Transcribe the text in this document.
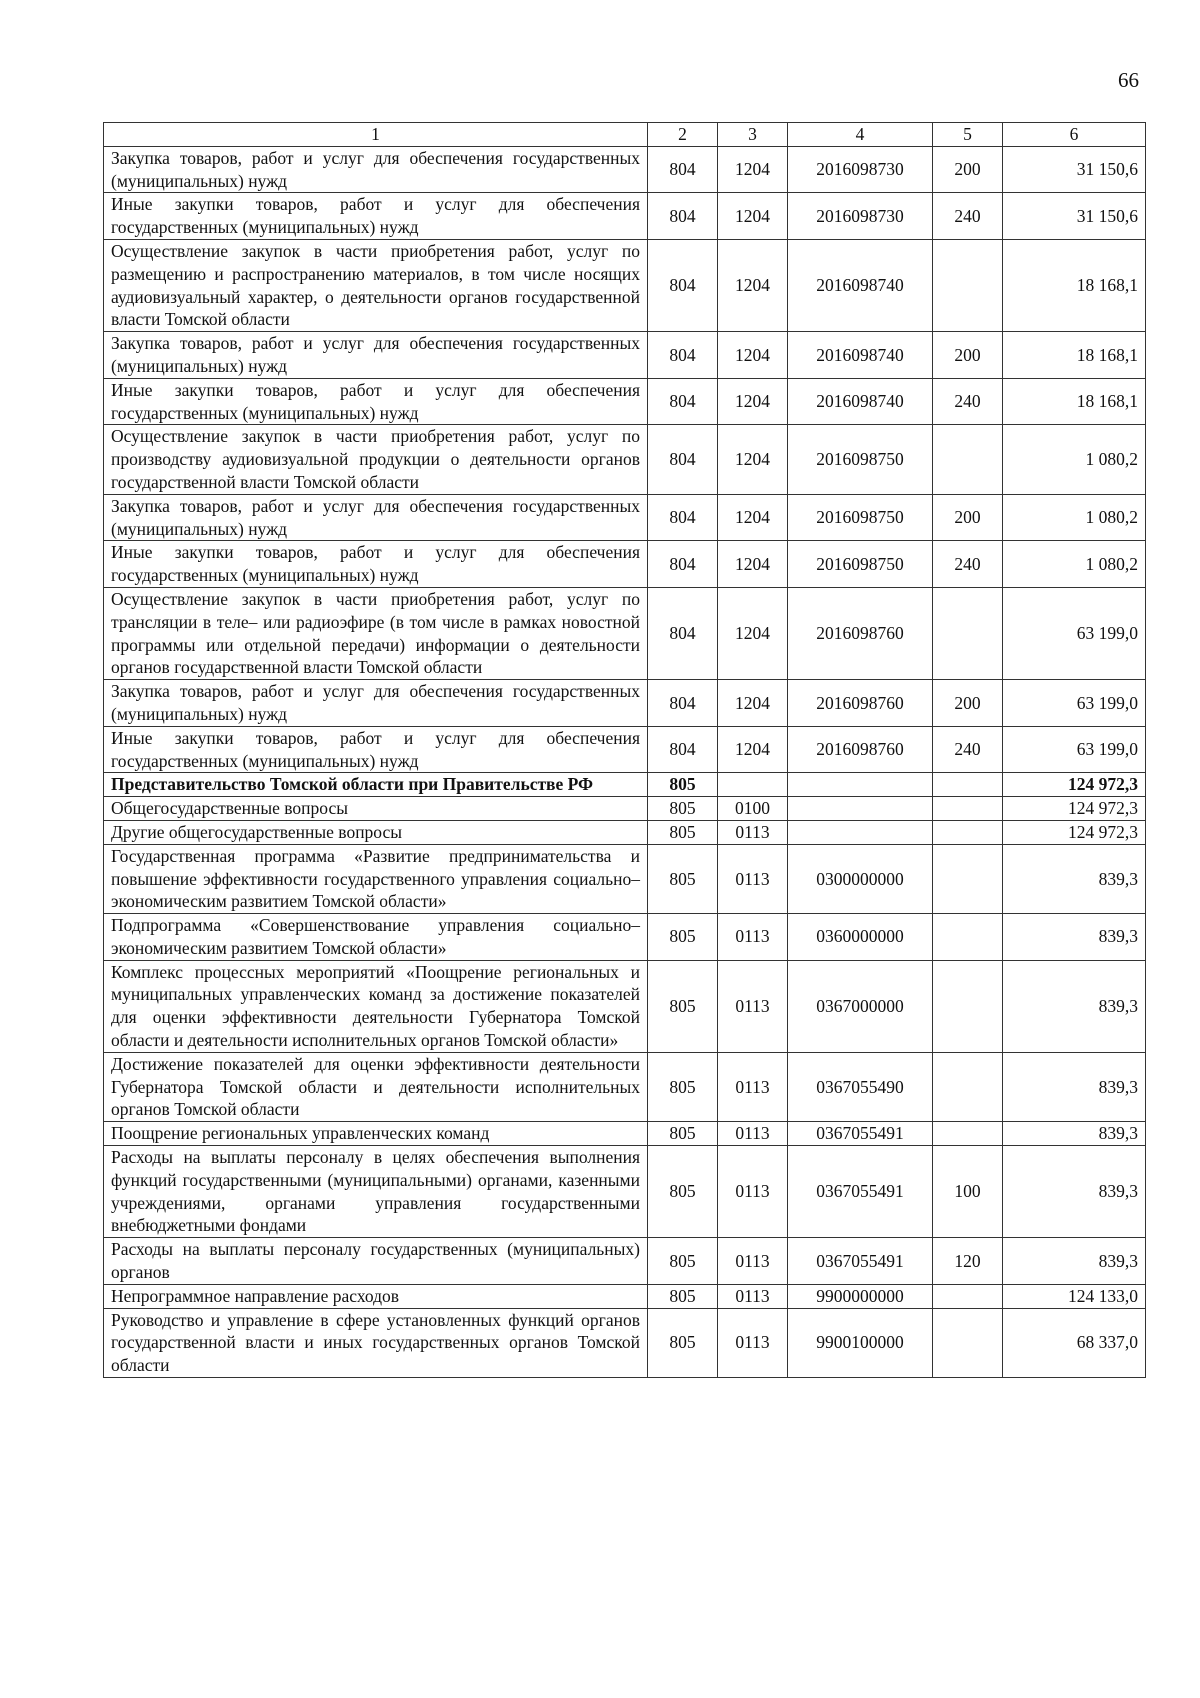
66
1	2	3	4	5	6
Закупка товаров, работ и услуг для обеспечения государственных (муниципальных) нужд	804	1204	2016098730	200	31 150,6
Иные закупки товаров, работ и услуг для обеспечения государственных (муниципальных) нужд	804	1204	2016098730	240	31 150,6
Осуществление закупок в части приобретения работ, услуг по размещению и распространению материалов, в том числе носящих аудиовизуальный характер, о деятельности органов государственной власти Томской области	804	1204	2016098740		18 168,1
Закупка товаров, работ и услуг для обеспечения государственных (муниципальных) нужд	804	1204	2016098740	200	18 168,1
Иные закупки товаров, работ и услуг для обеспечения государственных (муниципальных) нужд	804	1204	2016098740	240	18 168,1
Осуществление закупок в части приобретения работ, услуг по производству аудиовизуальной продукции о деятельности органов государственной власти Томской области	804	1204	2016098750		1 080,2
Закупка товаров, работ и услуг для обеспечения государственных (муниципальных) нужд	804	1204	2016098750	200	1 080,2
Иные закупки товаров, работ и услуг для обеспечения государственных (муниципальных) нужд	804	1204	2016098750	240	1 080,2
Осуществление закупок в части приобретения работ, услуг по трансляции в теле– или радиоэфире (в том числе в рамках новостной программы или отдельной передачи) информации о деятельности органов государственной власти Томской области	804	1204	2016098760		63 199,0
Закупка товаров, работ и услуг для обеспечения государственных (муниципальных) нужд	804	1204	2016098760	200	63 199,0
Иные закупки товаров, работ и услуг для обеспечения государственных (муниципальных) нужд	804	1204	2016098760	240	63 199,0
Представительство Томской области при Правительстве РФ	805				124 972,3
Общегосударственные вопросы	805	0100			124 972,3
Другие общегосударственные вопросы	805	0113			124 972,3
Государственная программа «Развитие предпринимательства и повышение эффективности государственного управления социально–экономическим развитием Томской области»	805	0113	0300000000		839,3
Подпрограмма «Совершенствование управления социально–экономическим развитием Томской области»	805	0113	0360000000		839,3
Комплекс процессных мероприятий «Поощрение региональных и муниципальных управленческих команд за достижение показателей для оценки эффективности деятельности Губернатора Томской области и деятельности исполнительных органов Томской области»	805	0113	0367000000		839,3
Достижение показателей для оценки эффективности деятельности Губернатора Томской области и деятельности исполнительных органов Томской области	805	0113	0367055490		839,3
Поощрение региональных управленческих команд	805	0113	0367055491		839,3
Расходы на выплаты персоналу в целях обеспечения выполнения функций государственными (муниципальными) органами, казенными учреждениями, органами управления государственными внебюджетными фондами	805	0113	0367055491	100	839,3
Расходы на выплаты персоналу государственных (муниципальных) органов	805	0113	0367055491	120	839,3
Непрограммное направление расходов	805	0113	9900000000		124 133,0
Руководство и управление в сфере установленных функций органов государственной власти и иных государственных органов Томской области	805	0113	9900100000		68 337,0
